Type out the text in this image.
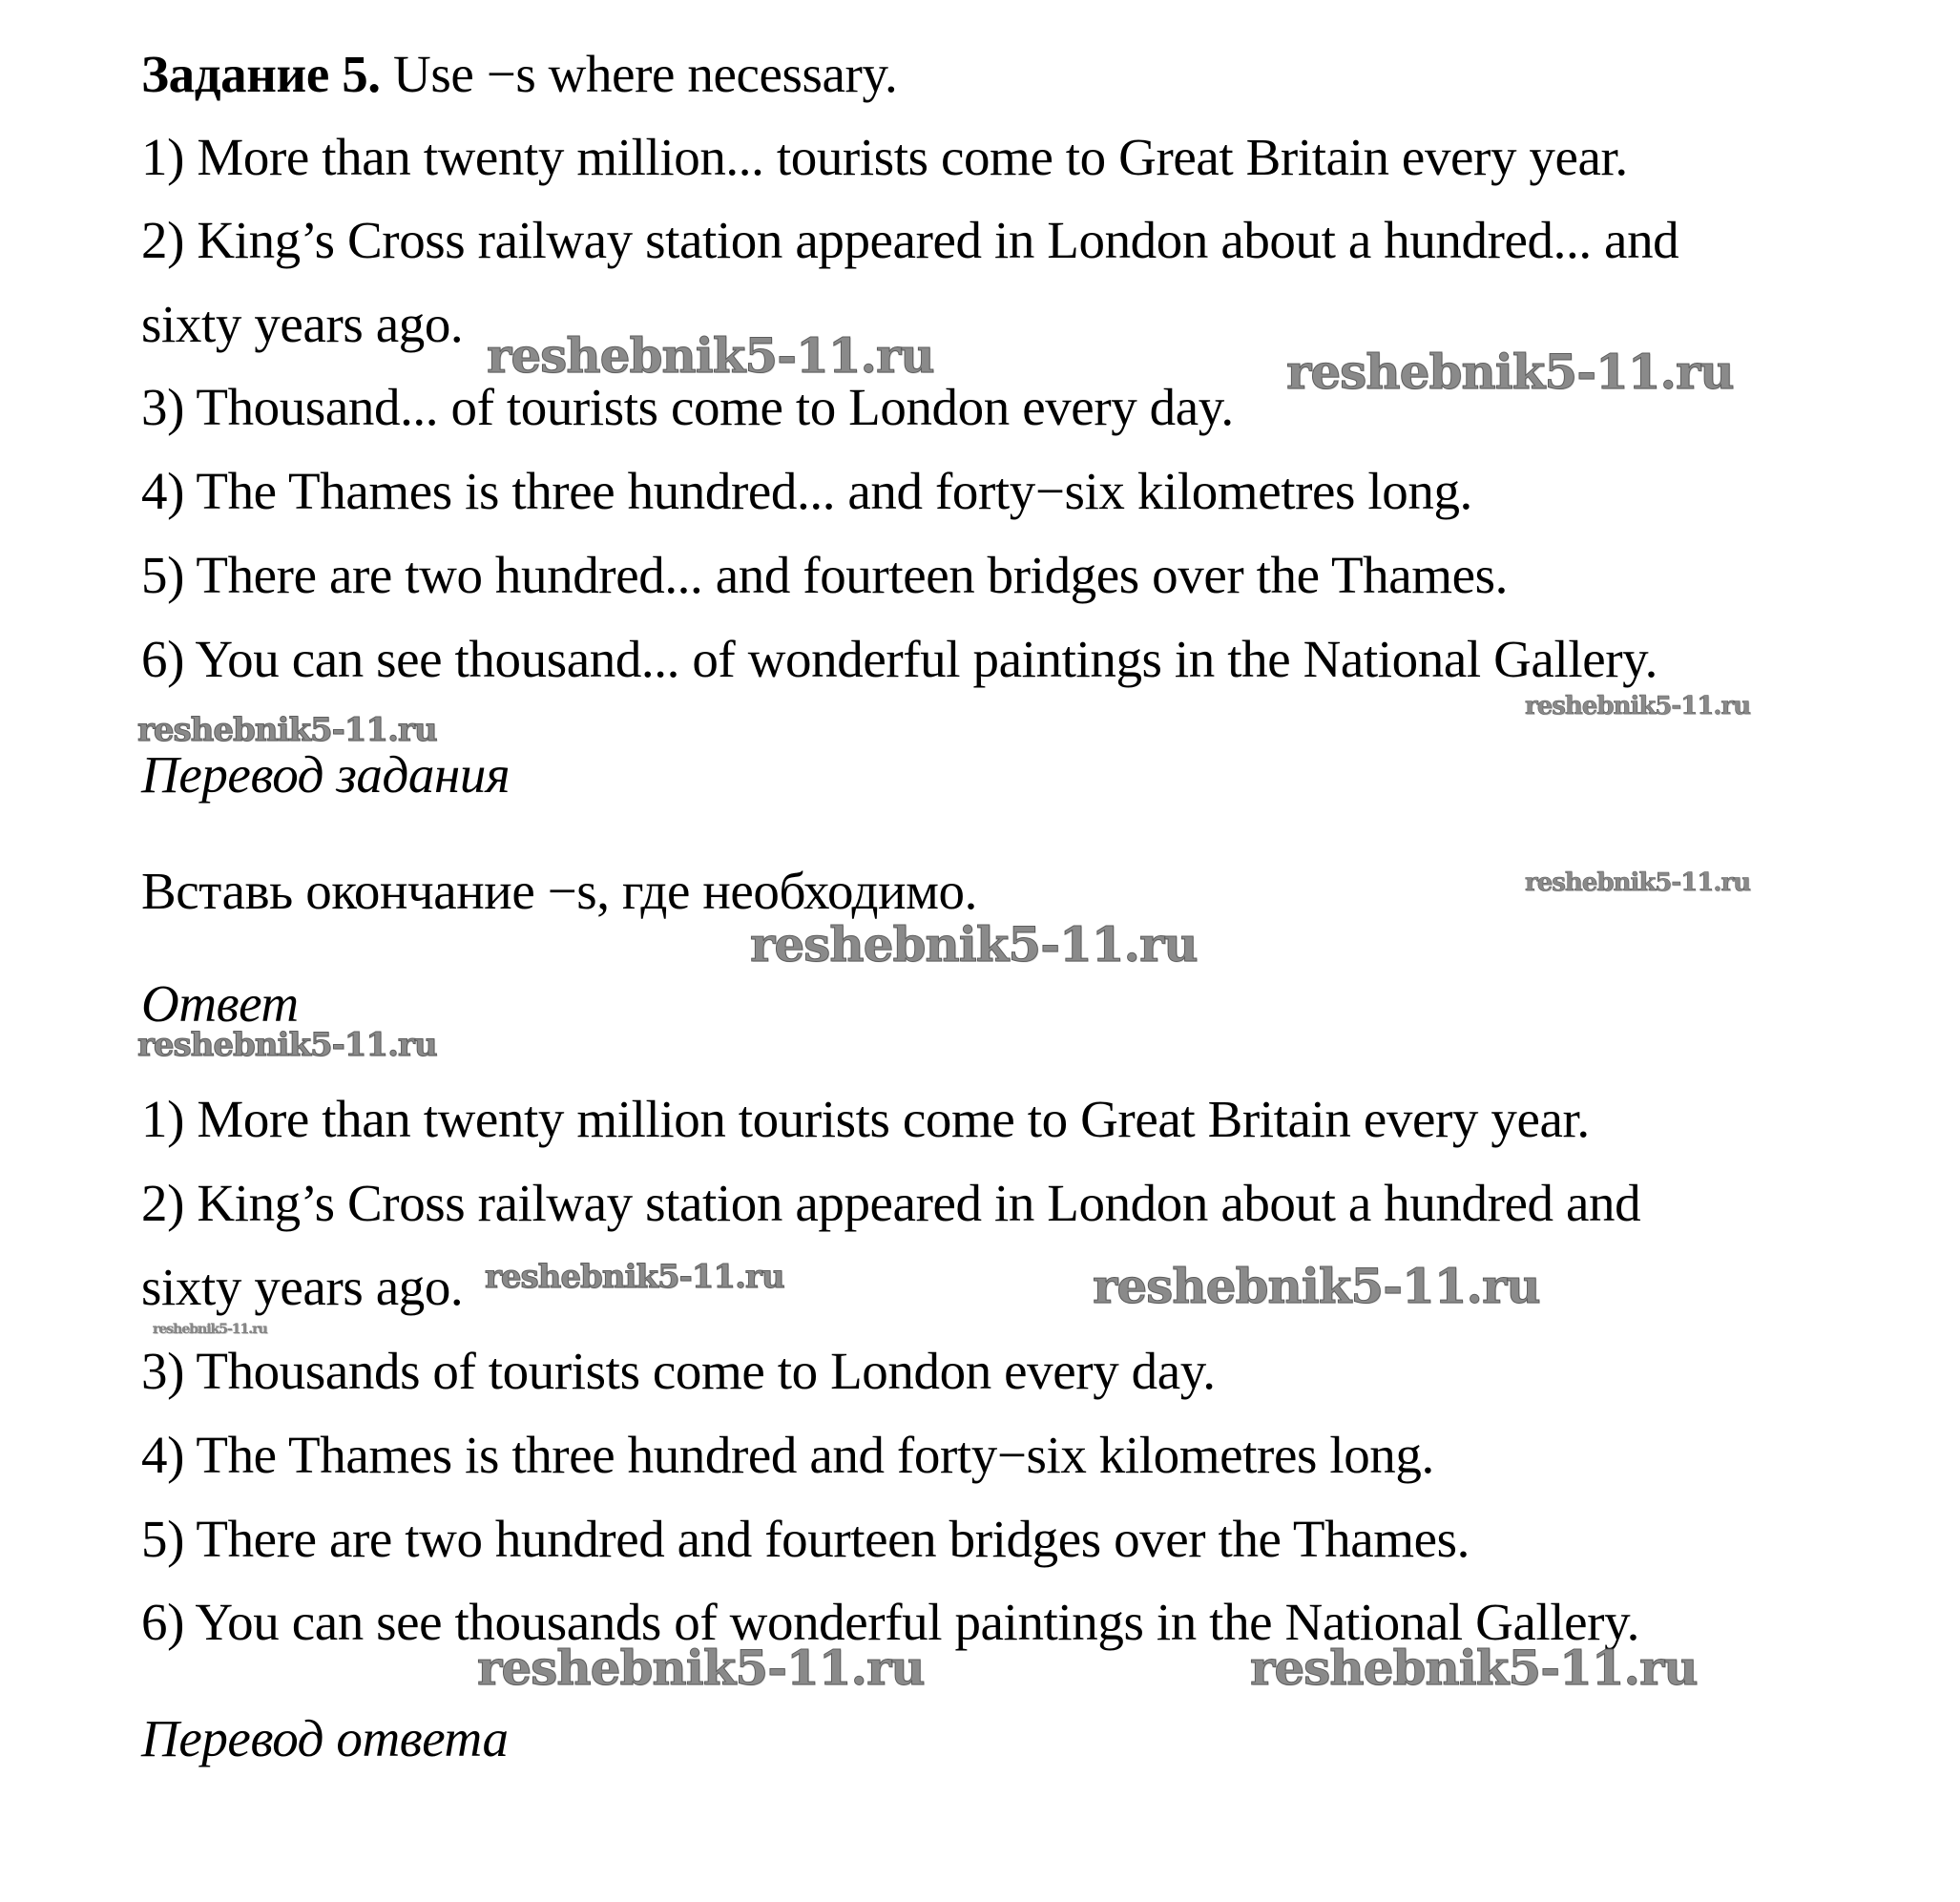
Задание 5. Use −s where necessary.
1) More than twenty million... tourists come to Great Britain every year.
2) King’s Cross railway station appeared in London about a hundred... and
sixty years ago.
3) Thousand... of tourists come to London every day.
4) The Thames is three hundred... and forty−six kilometres long.
5) There are two hundred... and fourteen bridges over the Thames.
6) You can see thousand... of wonderful paintings in the National Gallery.
Перевод задания
Вставь окончание −s, где необходимо.
Ответ
1) More than twenty million tourists come to Great Britain every year.
2) King’s Cross railway station appeared in London about a hundred and
sixty years ago.
3) Thousands of tourists come to London every day.
4) The Thames is three hundred and forty−six kilometres long.
5) There are two hundred and fourteen bridges over the Thames.
6) You can see thousands of wonderful paintings in the National Gallery.
Перевод ответа
reshebnik5-11.ru	reshebnik5-11.ru
reshebnik5-11.ru
reshebnik5-11.ru
reshebnik5-11.ru
reshebnik5-11.ru
reshebnik5-11.ru
reshebnik5-11.ru	reshebnik5-11.ru
reshebnik5-11.ru
reshebnik5-11.ru	reshebnik5-11.ru
